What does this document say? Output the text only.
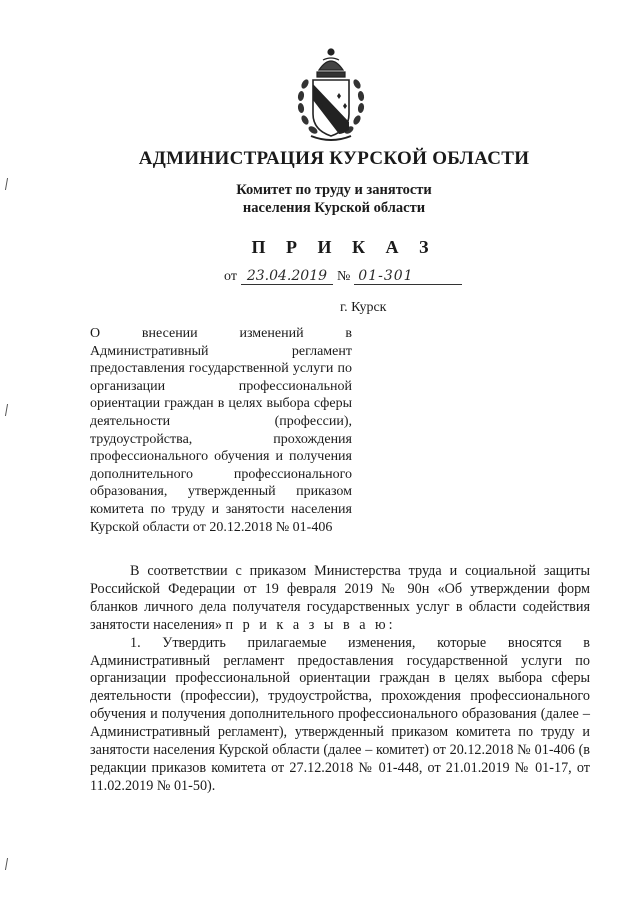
АДМИНИСТРАЦИЯ КУРСКОЙ ОБЛАСТИ
Комитет по труду и занятости
населения Курской области
П Р И К А З
от 23.04.2019 № 01-301
г. Курск
О внесении изменений в Административный регламент предоставления государственной услуги по организации профессиональной ориентации граждан в целях выбора сферы деятельности (профессии), трудоустройства, прохождения профессионального обучения и получения дополнительного профессионального образования, утвержденный приказом комитета по труду и занятости населения Курской области от 20.12.2018 № 01-406

В соответствии с приказом Министерства труда и социальной защиты Российской Федерации от 19 февраля 2019 № 90н «Об утверждении форм бланков личного дела получателя государственных услуг в области содействия занятости населения» п р и к а з ы в а ю:

1. Утвердить прилагаемые изменения, которые вносятся в Административный регламент предоставления государственной услуги по организации профессиональной ориентации граждан в целях выбора сферы деятельности (профессии), трудоустройства, прохождения профессионального обучения и получения дополнительного профессионального образования (далее – Административный регламент), утвержденный приказом комитета по труду и занятости населения Курской области (далее – комитет) от 20.12.2018 № 01-406 (в редакции приказов комитета от 27.12.2018 № 01-448, от 21.01.2019 № 01-17, от 11.02.2019 № 01-50).
